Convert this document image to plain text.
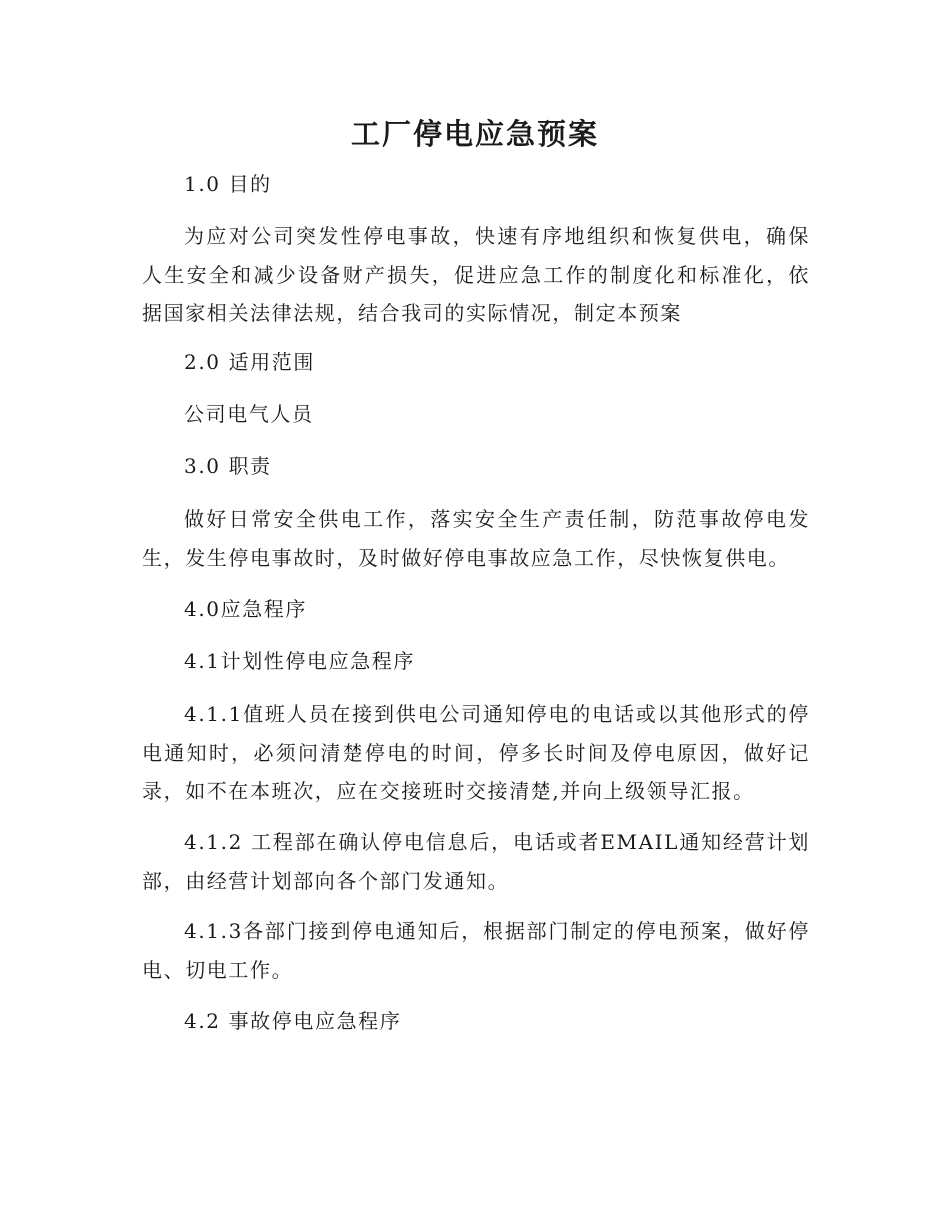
工厂停电应急预案

1.0 目的

为应对公司突发性停电事故，快速有序地组织和恢复供电，确保人生安全和减少设备财产损失，促进应急工作的制度化和标准化，依据国家相关法律法规，结合我司的实际情况，制定本预案

2.0 适用范围

公司电气人员

3.0 职责

做好日常安全供电工作，落实安全生产责任制，防范事故停电发生，发生停电事故时，及时做好停电事故应急工作，尽快恢复供电。

4.0应急程序

4.1计划性停电应急程序

4.1.1值班人员在接到供电公司通知停电的电话或以其他形式的停电通知时，必须问清楚停电的时间，停多长时间及停电原因，做好记录，如不在本班次，应在交接班时交接清楚,并向上级领导汇报。

4.1.2 工程部在确认停电信息后，电话或者EMAIL通知经营计划部，由经营计划部向各个部门发通知。

4.1.3各部门接到停电通知后，根据部门制定的停电预案，做好停电、切电工作。

4.2 事故停电应急程序
